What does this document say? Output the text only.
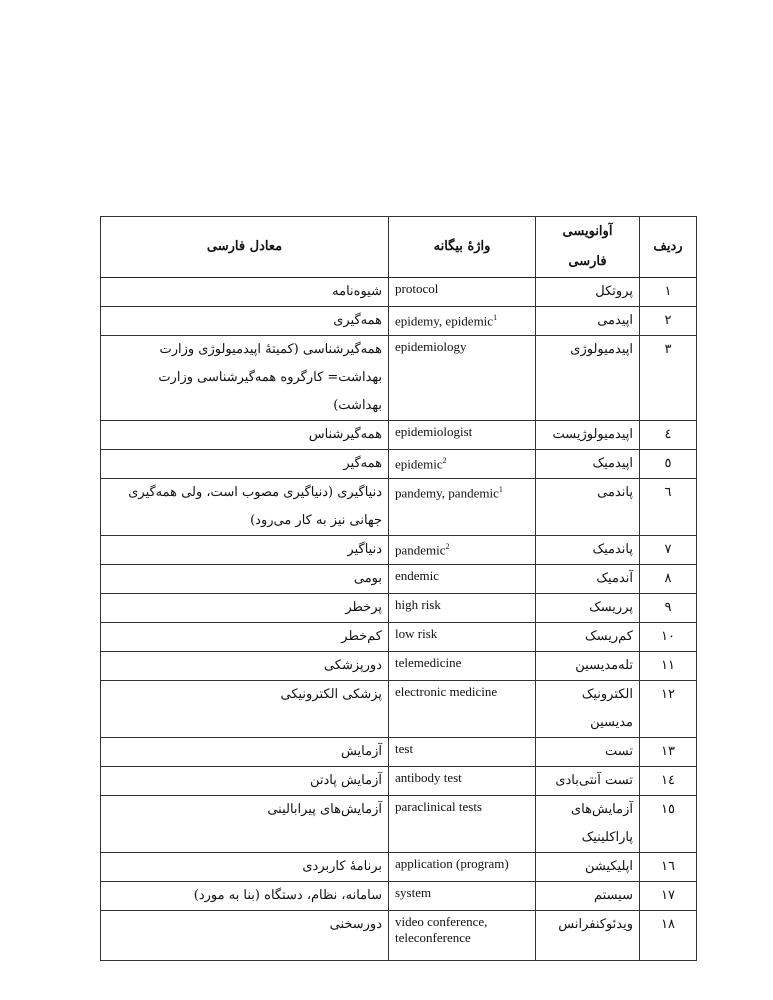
معادل فارسی	واژهٔ بیگانه	آوانویسی فارسی	ردیف
شیوه‌نامه	protocol	پروتکل	۱
همه‌گیری	epidemy, epidemic$^1$	اپیدمی	۲
همه‌گیرشناسی (کمیتهٔ اپیدمیولوژی وزارت بهداشت= کارگروه همه‌گیرشناسی وزارت بهداشت)	epidemiology	اپیدمیولوژی	۳
همه‌گیرشناس	epidemiologist	اپیدمیولوژیست	٤
همه‌گیر	epidemic$^2$	اپیدمیک	٥
دنیاگیری (دنیاگیری مصوب است، ولی همه‌گیری جهانی نیز به کار می‌رود)	pandemy, pandemic$^1$	پاندمی	٦
دنیاگیر	pandemic$^2$	پاندمیک	۷
بومی	endemic	آندمیک	۸
پرخطر	high risk	پرریسک	۹
کم‌خطر	low risk	کم‌ریسک	۱۰
دورپزشکی	telemedicine	تله‌مدیسین	۱۱
پزشکی الکترونیکی	electronic medicine	الکترونیک مدیسین	۱۲
آزمایش	test	تست	۱۳
آزمایش پادتن	antibody test	تست آنتی‌بادی	١٤
آزمایش‌های پیرابالینی	paraclinical tests	آزمایش‌های پاراکلینیک	١٥
برنامهٔ کاربردی	application (program)	اپلیکیشن	١٦
سامانه، نظام، دستگاه (بنا به مورد)	system	سیستم	۱۷
دورسخنی	video conference, teleconference	ویدئوکنفرانس	۱۸
